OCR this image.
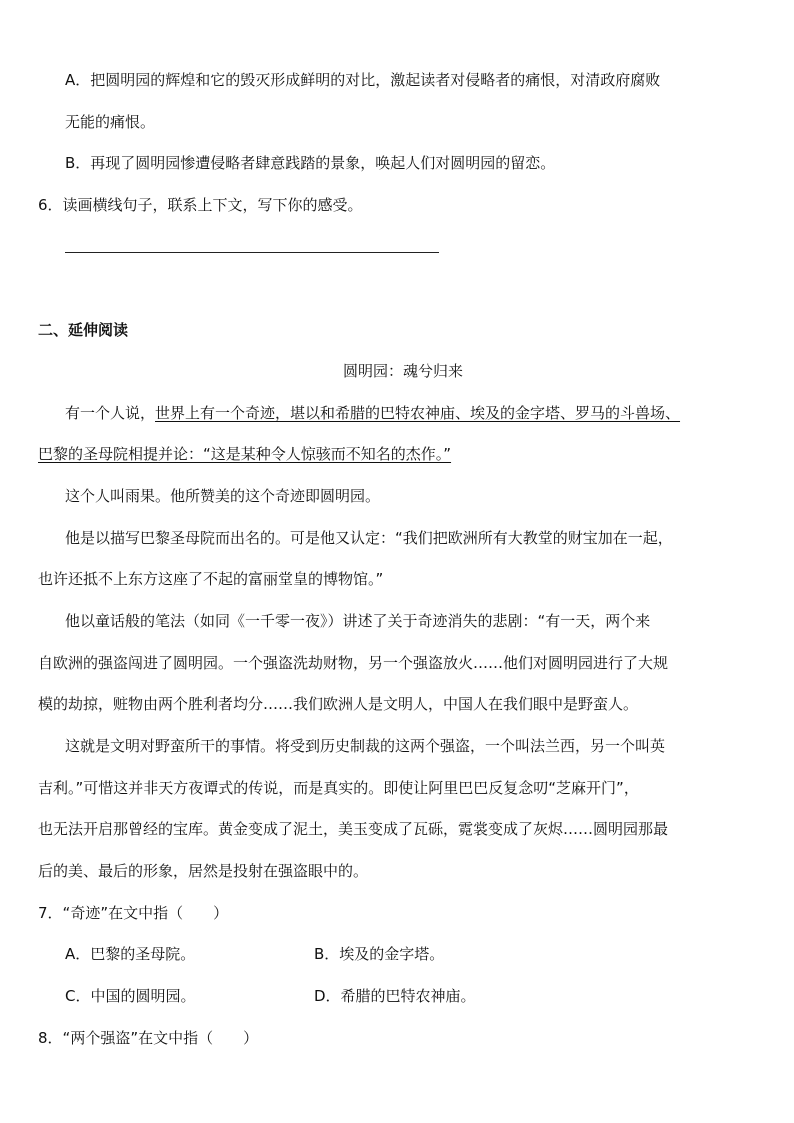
A．把圆明园的辉煌和它的毁灭形成鲜明的对比，激起读者对侵略者的痛恨，对清政府腐败
无能的痛恨。
B．再现了圆明园惨遭侵略者肆意践踏的景象，唤起人们对圆明园的留恋。
6．读画横线句子，联系上下文，写下你的感受。
二、延伸阅读
圆明园：魂兮归来
有一个人说，世界上有一个奇迹，堪以和希腊的巴特农神庙、埃及的金字塔、罗马的斗兽场、
巴黎的圣母院相提并论：“这是某种令人惊骇而不知名的杰作。”
这个人叫雨果。他所赞美的这个奇迹即圆明园。
他是以描写巴黎圣母院而出名的。可是他又认定：“我们把欧洲所有大教堂的财宝加在一起，
也许还抵不上东方这座了不起的富丽堂皇的博物馆。”
他以童话般的笔法（如同《一千零一夜》）讲述了关于奇迹消失的悲剧：“有一天，两个来
自欧洲的强盗闯进了圆明园。一个强盗洗劫财物，另一个强盗放火……他们对圆明园进行了大规
模的劫掠，赃物由两个胜利者均分……我们欧洲人是文明人，中国人在我们眼中是野蛮人。
这就是文明对野蛮所干的事情。将受到历史制裁的这两个强盗，一个叫法兰西，另一个叫英
吉利。”可惜这并非天方夜谭式的传说，而是真实的。即使让阿里巴巴反复念叨“芝麻开门”，
也无法开启那曾经的宝库。黄金变成了泥土，美玉变成了瓦砾，霓裳变成了灰烬……圆明园那最
后的美、最后的形象，居然是投射在强盗眼中的。
7．“奇迹”在文中指（　　）
A．巴黎的圣母院。	B．埃及的金字塔。
C．中国的圆明园。	D．希腊的巴特农神庙。
8．“两个强盗”在文中指（　　）
